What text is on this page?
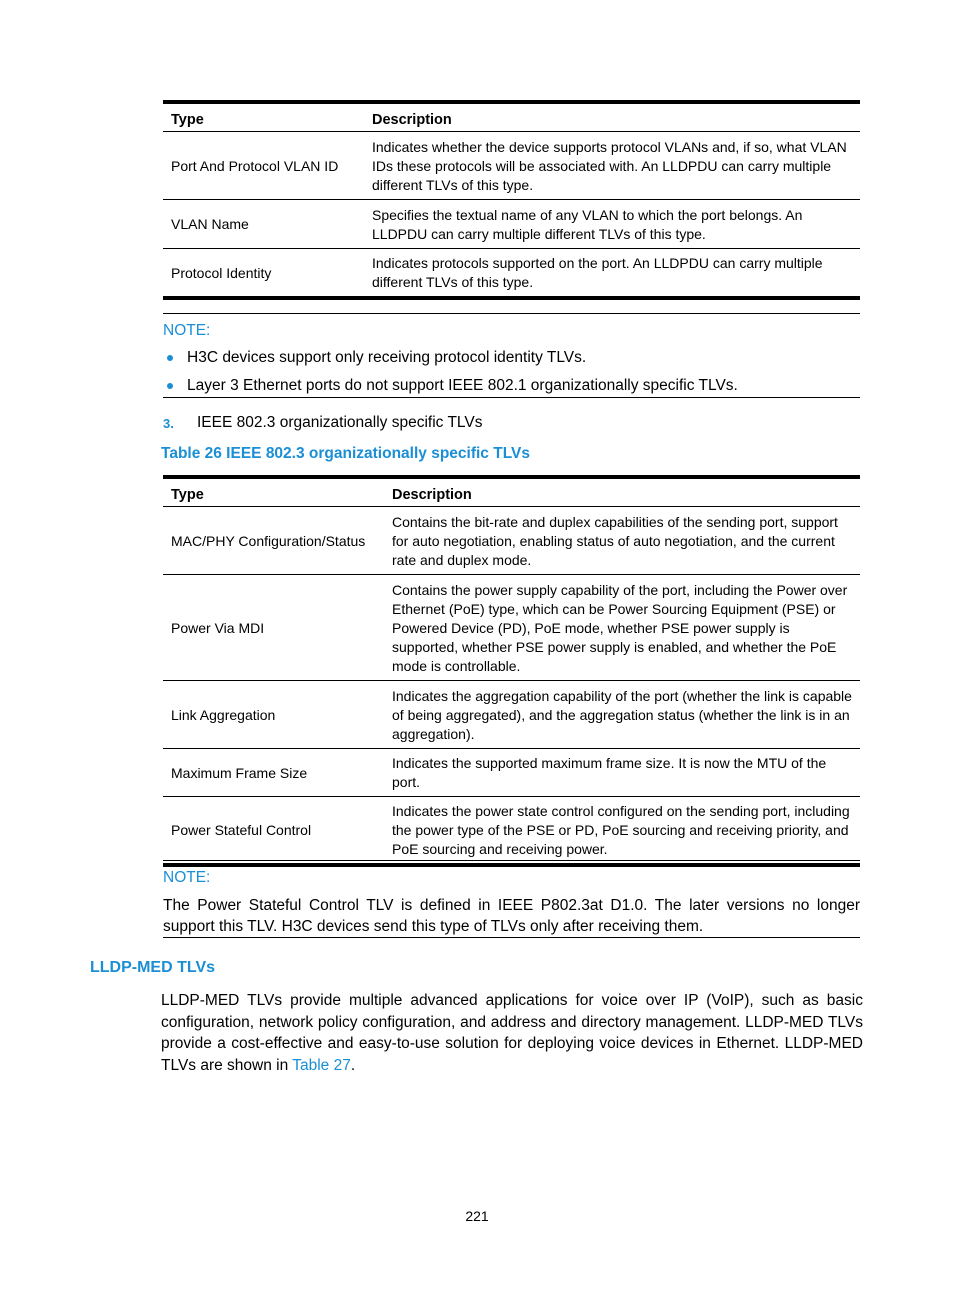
Type	Description
Port And Protocol VLAN ID	Indicates whether the device supports protocol VLANs and, if so, what VLAN IDs these protocols will be associated with. An LLDPDU can carry multiple different TLVs of this type.
VLAN Name	Specifies the textual name of any VLAN to which the port belongs. An LLDPDU can carry multiple different TLVs of this type.
Protocol Identity	Indicates protocols supported on the port. An LLDPDU can carry multiple different TLVs of this type.
NOTE:
H3C devices support only receiving protocol identity TLVs.
Layer 3 Ethernet ports do not support IEEE 802.1 organizationally specific TLVs.
3. IEEE 802.3 organizationally specific TLVs
Table 26 IEEE 802.3 organizationally specific TLVs
Type	Description
MAC/PHY Configuration/Status	Contains the bit-rate and duplex capabilities of the sending port, support for auto negotiation, enabling status of auto negotiation, and the current rate and duplex mode.
Power Via MDI	Contains the power supply capability of the port, including the Power over Ethernet (PoE) type, which can be Power Sourcing Equipment (PSE) or Powered Device (PD), PoE mode, whether PSE power supply is supported, whether PSE power supply is enabled, and whether the PoE mode is controllable.
Link Aggregation	Indicates the aggregation capability of the port (whether the link is capable of being aggregated), and the aggregation status (whether the link is in an aggregation).
Maximum Frame Size	Indicates the supported maximum frame size. It is now the MTU of the port.
Power Stateful Control	Indicates the power state control configured on the sending port, including the power type of the PSE or PD, PoE sourcing and receiving priority, and PoE sourcing and receiving power.
NOTE:
The Power Stateful Control TLV is defined in IEEE P802.3at D1.0. The later versions no longer support this TLV. H3C devices send this type of TLVs only after receiving them.
LLDP-MED TLVs
LLDP-MED TLVs provide multiple advanced applications for voice over IP (VoIP), such as basic configuration, network policy configuration, and address and directory management. LLDP-MED TLVs provide a cost-effective and easy-to-use solution for deploying voice devices in Ethernet. LLDP-MED TLVs are shown in Table 27.
221
